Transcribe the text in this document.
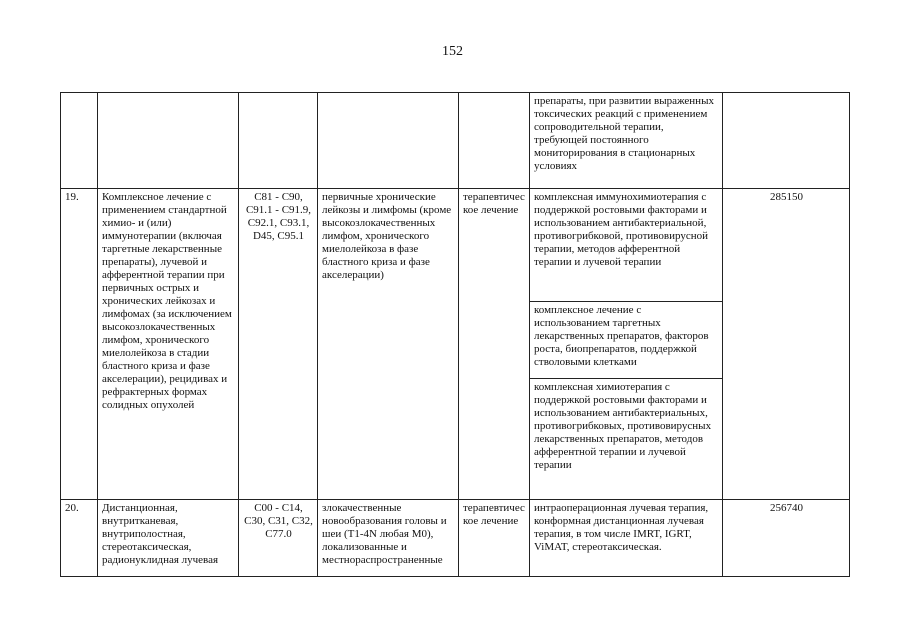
152

					препараты, при развитии выраженных токсических реакций с применением сопроводительной терапии, требующей постоянного мониторирования в стационарных условиях	

19.	Комплексное лечение с применением стандартной химио- и (или) иммунотерапии (включая таргетные лекарственные препараты), лучевой и афферентной терапии при первичных острых и хронических лейкозах и лимфомах (за исключением высокозлокачественных лимфом, хронического миелолейкоза в стадии бластного криза и фазе акселерации), рецидивах и рефрактерных формах солидных опухолей	C81 - C90, C91.1 - C91.9, C92.1, C93.1, D45, C95.1	первичные хронические лейкозы и лимфомы (кроме высокозлокачественных лимфом, хронического миелолейкоза в фазе бластного криза и фазе акселерации)	терапевтическое лечение	комплексная иммунохимиотерапия с поддержкой ростовыми факторами и использованием антибактериальной, противогрибковой, противовирусной терапии, методов афферентной терапии и лучевой терапии	285150

					комплексное лечение с использованием таргетных лекарственных препаратов, факторов роста, биопрепаратов, поддержкой стволовыми клетками	

					комплексная химиотерапия с поддержкой ростовыми факторами и использованием антибактериальных, противогрибковых, противовирусных лекарственных препаратов, методов афферентной терапии и лучевой терапии	

20.	Дистанционная, внутритканевая, внутриполостная, стереотаксическая, радионуклидная лучевая	C00 - C14, C30, C31, C32, C77.0	злокачественные новообразования головы и шеи (T1-4N любая M0), локализованные и местнораспространенные	терапевтическое лечение	интраоперационная лучевая терапия, конформная дистанционная лучевая терапия, в том числе IMRT, IGRT, ViMAT, стереотаксическая.	256740
